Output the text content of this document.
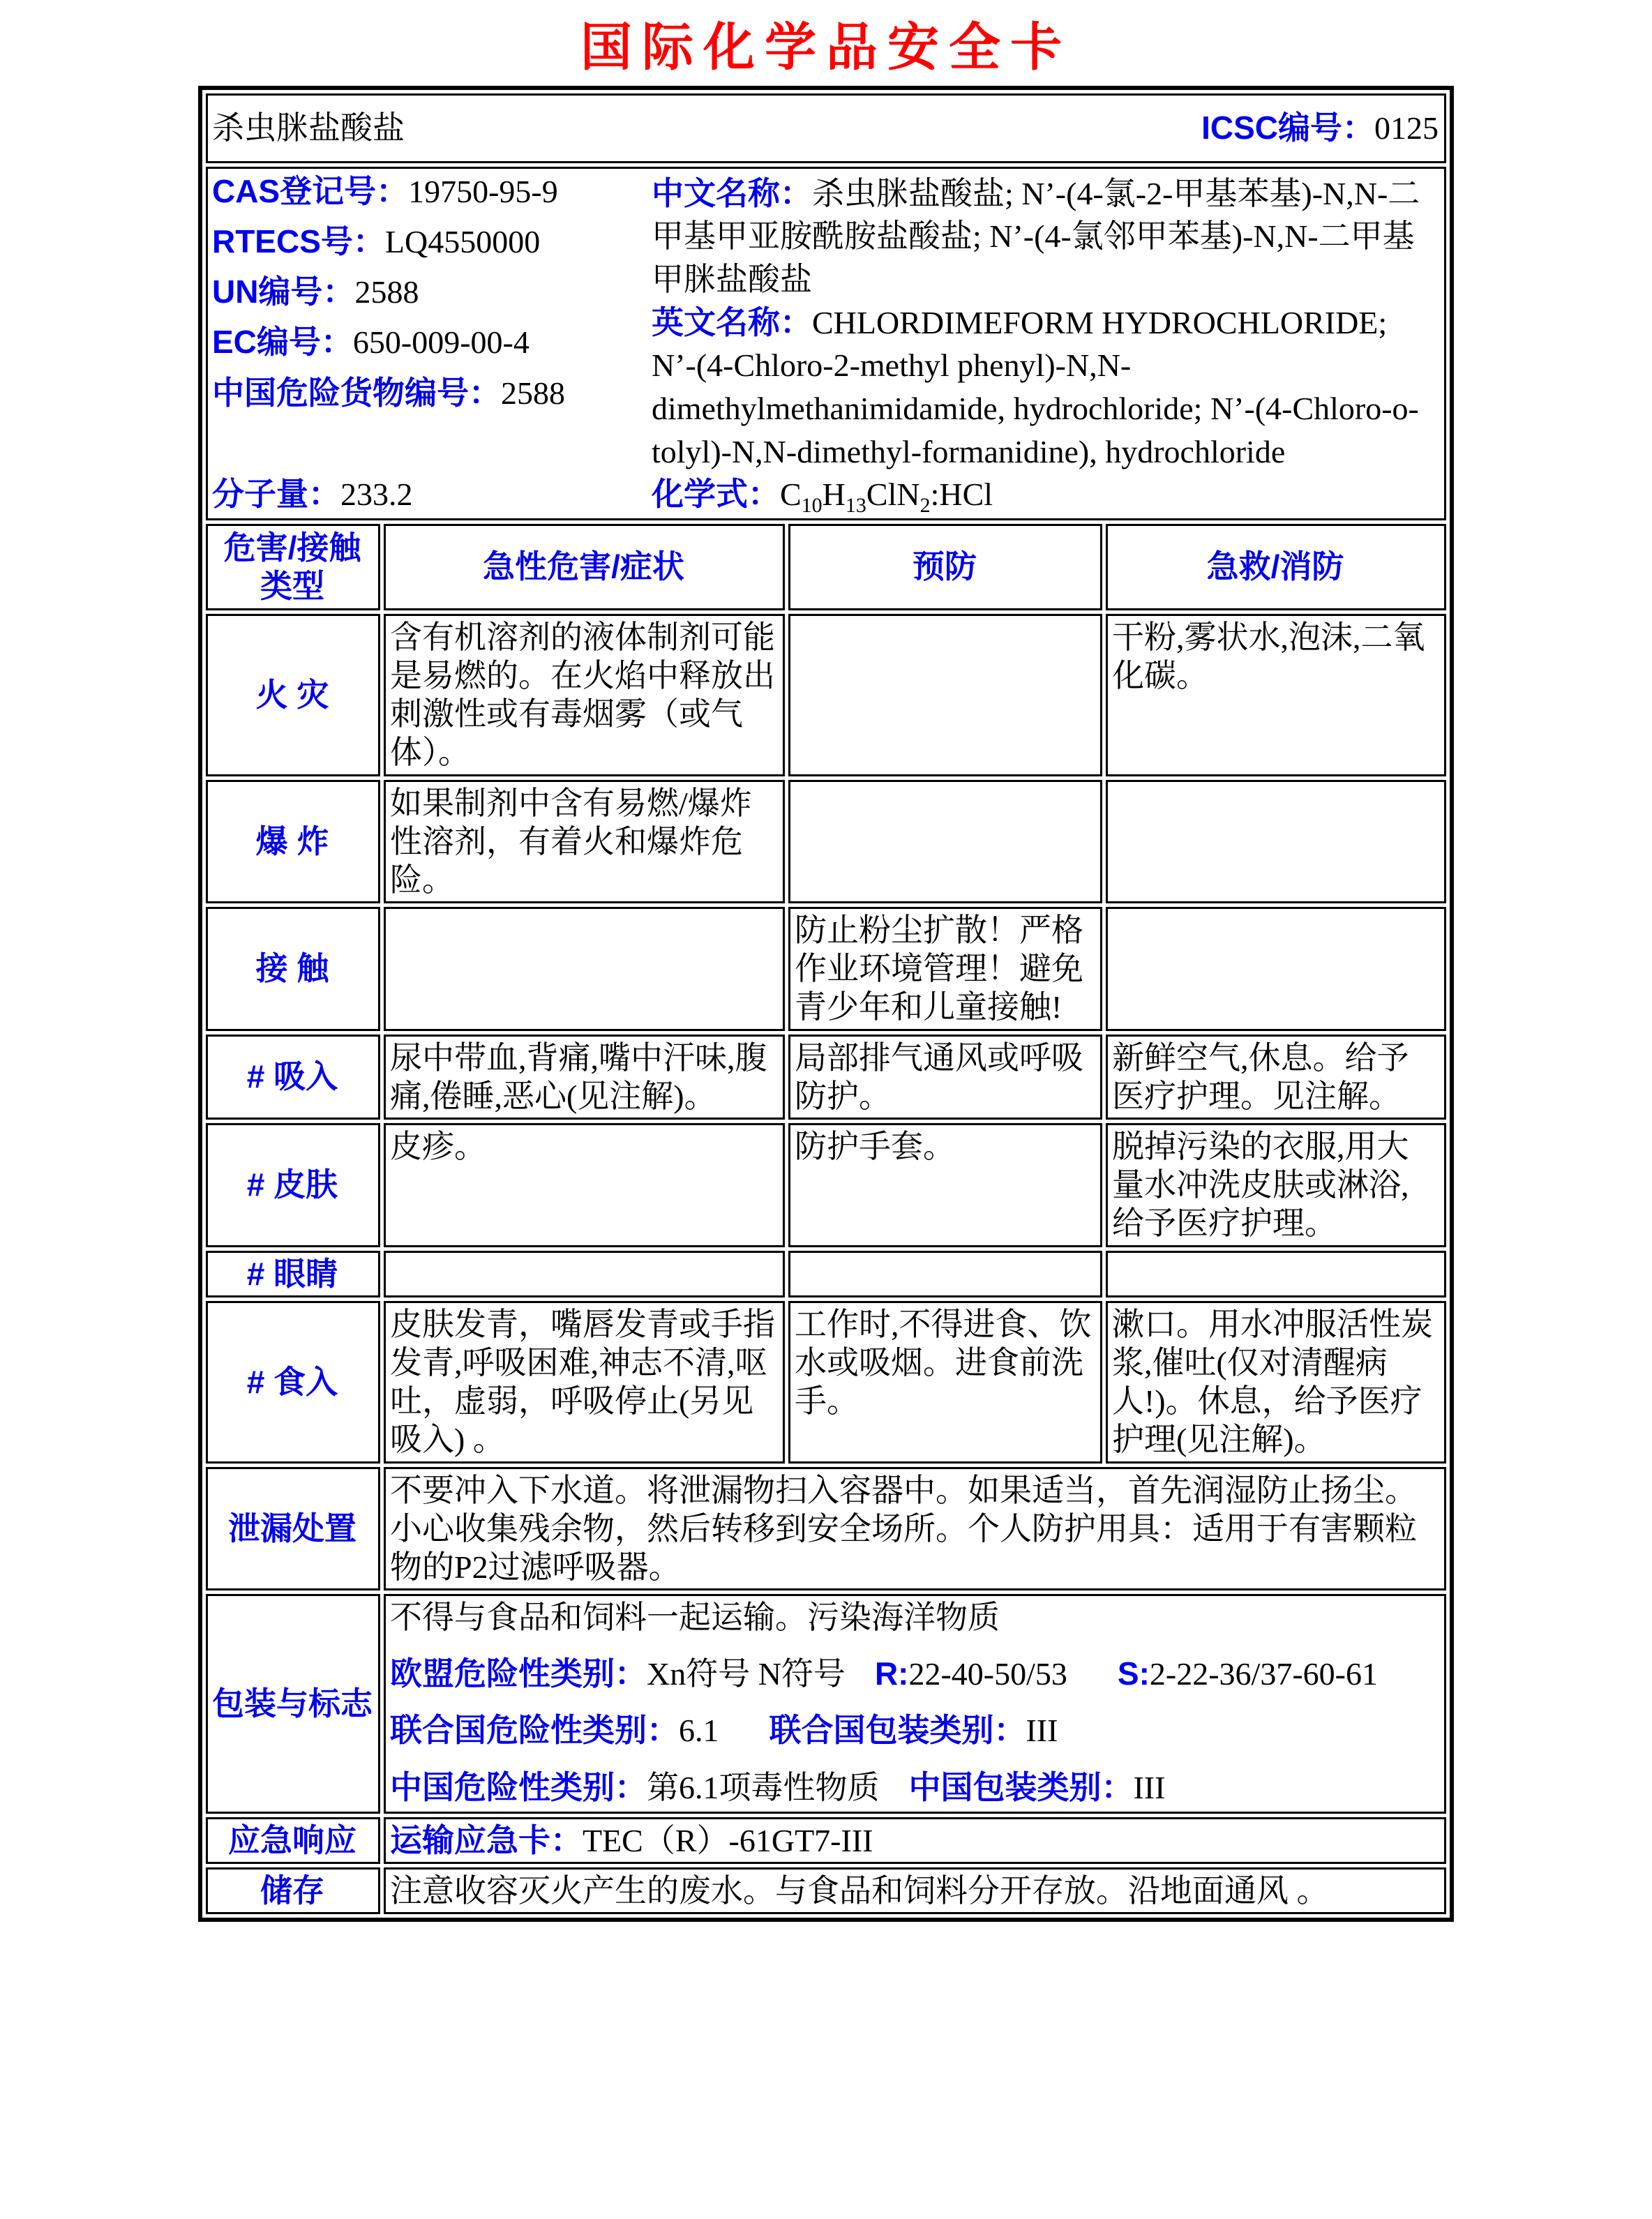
国际化学品安全卡
杀虫脒盐酸盐 ICSC编号：0125			

CAS登记号：19750-95-9
RTECS号：LQ4550000
UN编号：2588
EC编号：650-009-00-4
中国危险货物编号：2588
分子量：233.2

中文名称：杀虫脒盐酸盐; N’-(4-氯-2-甲基苯基)-N,N-二甲基甲亚胺酰胺盐酸盐; N’-(4-氯邻甲苯基)-N,N-二甲基甲脒盐酸盐

英文名称：CHLORDIMEFORM HYDROCHLORIDE; N’-(4-Chloro-2-methyl phenyl)-N,N-dimethylmethanimidamide, hydrochloride; N’-(4-Chloro-o-tolyl)-N,N-dimethyl-formanidine), hydrochloride

化学式：$C_{10}H_{13}ClN_2:HCl$

危害/接触类型	急性危害/症状	预防	急救/消防
火 灾	含有机溶剂的液体制剂可能是易燃的。在火焰中释放出刺激性或有毒烟雾（或气体）。		干粉,雾状水,泡沫,二氧化碳。
爆 炸	如果制剂中含有易燃/爆炸性溶剂，有着火和爆炸危险。		
接 触		防止粉尘扩散！严格作业环境管理！避免青少年和儿童接触!	
# 吸入	尿中带血,背痛,嘴中汗味,腹痛,倦睡,恶心(见注解)。	局部排气通风或呼吸防护。	新鲜空气,休息。给予医疗护理。见注解。
# 皮肤	皮疹。	防护手套。	脱掉污染的衣服,用大量水冲洗皮肤或淋浴,给予医疗护理。
# 眼睛			
# 食入	皮肤发青，嘴唇发青或手指发青,呼吸困难,神志不清,呕吐，虚弱，呼吸停止(另见吸入) 。	工作时,不得进食、饮水或吸烟。进食前洗手。	漱口。用水冲服活性炭浆,催吐(仅对清醒病人!)。休息，给予医疗护理(见注解)。
泄漏处置	不要冲入下水道。将泄漏物扫入容器中。如果适当，首先润湿防止扬尘。小心收集残余物，然后转移到安全场所。个人防护用具：适用于有害颗粒物的P2过滤呼吸器。		
包装与标志	不得与食品和饲料一起运输。污染海洋物质

欧盟危险性类别：Xn符号 N符号 R:22-40-50/53 S:2-22-36/37-60-61

联合国危险性类别：6.1 联合国包装类别：III

中国危险性类别：第6.1项毒性物质 中国包装类别：III		

应急响应	运输应急卡：TEC（R）-61GT7-III		
储存	注意收容灭火产生的废水。与食品和饲料分开存放。沿地面通风 。		
